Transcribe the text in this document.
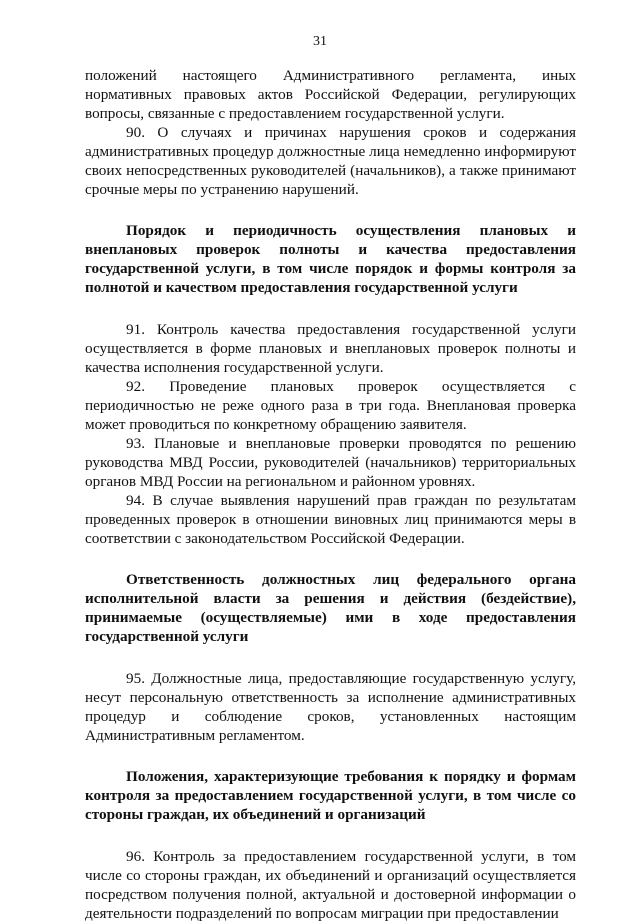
31

положений настоящего Административного регламента, иных нормативных правовых актов Российской Федерации, регулирующих вопросы, связанные с предоставлением государственной услуги.

90. О случаях и причинах нарушения сроков и содержания административных процедур должностные лица немедленно информируют своих непосредственных руководителей (начальников), а также принимают срочные меры по устранению нарушений.

Порядок и периодичность осуществления плановых и внеплановых проверок полноты и качества предоставления государственной услуги, в том числе порядок и формы контроля за полнотой и качеством предоставления государственной услуги

91. Контроль качества предоставления государственной услуги осуществляется в форме плановых и внеплановых проверок полноты и качества исполнения государственной услуги.

92. Проведение плановых проверок осуществляется с периодичностью не реже одного раза в три года. Внеплановая проверка может проводиться по конкретному обращению заявителя.

93. Плановые и внеплановые проверки проводятся по решению руководства МВД России, руководителей (начальников) территориальных органов МВД России на региональном и районном уровнях.

94. В случае выявления нарушений прав граждан по результатам проведенных проверок в отношении виновных лиц принимаются меры в соответствии с законодательством Российской Федерации.

Ответственность должностных лиц федерального органа исполнительной власти за решения и действия (бездействие), принимаемые (осуществляемые) ими в ходе предоставления государственной услуги

95. Должностные лица, предоставляющие государственную услугу, несут персональную ответственность за исполнение административных процедур и соблюдение сроков, установленных настоящим Административным регламентом.

Положения, характеризующие требования к порядку и формам контроля за предоставлением государственной услуги, в том числе со стороны граждан, их объединений и организаций

96. Контроль за предоставлением государственной услуги, в том числе со стороны граждан, их объединений и организаций осуществляется посредством получения полной, актуальной и достоверной информации о деятельности подразделений по вопросам миграции при предоставлении
